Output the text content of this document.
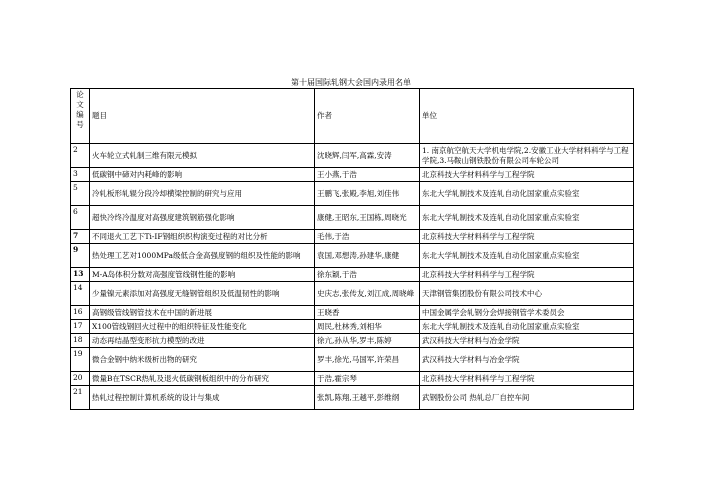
第十届国际轧钢大会国内录用名单
论
文
编
号	题目	作者	单位
2	火车轮立式轧制三维有限元模拟	沈晓辉,闫军,高霖,安涛	1. 南京航空航天大学机电学院,2.安徽工业大学材料科学与工程学院,3.马鞍山钢铁股份有限公司车轮公司
3	低碳钢中碲对内耗峰的影响	王小燕,于浩	北京科技大学材料科学与工程学院
5	冷轧板形轧辊分段冷却横梁控制的研究与应用	王鹏飞,张殿,李旭,刘佳伟	东北大学轧制技术及连轧自动化国家重点实验室
6	超快冷终冷温度对高强度建筑钢筋强化影响	康健,王昭东,王国栋,周晓光	东北大学轧制技术及连轧自动化国家重点实验室
7	不同退火工艺下Ti-IF钢组织织构演变过程的对比分析	毛伟,于浩	北京科技大学材料科学与工程学院
9	热处理工艺对1000MPa级低合金高强度钢的组织及性能的影响	袁国,邓想涛,孙建华,康健	东北大学轧制技术及连轧自动化国家重点实验室
13	M-A岛体积分数对高强度管线钢性能的影响	徐东颖,于浩	北京科技大学材料科学与工程学院
14	少量镍元素添加对高强度无缝钢管组织及低温韧性的影响	史庆志,张传友,刘江成,周晓峰	天津钢管集团股份有限公司技术中心
16	高钢级管线钢管技术在中国的新进展	王晓香	中国金属学会轧钢分会焊接钢管学术委员会
17	X100管线钢回火过程中的组织特征及性能变化	周民,杜林秀,刘相华	东北大学轧制技术及连轧自动化国家重点实验室
18	动态再结晶型变形抗力模型的改进	徐亢,孙从华,罗丰,陈婷	武汉科技大学材料与冶金学院
19	微合金钢中纳米级析出物的研究	罗丰,徐光,马国军,许荣昌	武汉科技大学材料与冶金学院
20	微量B在TSCR热轧及退火低碳钢板组织中的分布研究	于浩,霍宗琴	北京科技大学材料科学与工程学院
21	热轧过程控制计算机系统的设计与集成	张凯,陈翔,王越平,彭维纲	武钢股份公司 热轧总厂自控车间
